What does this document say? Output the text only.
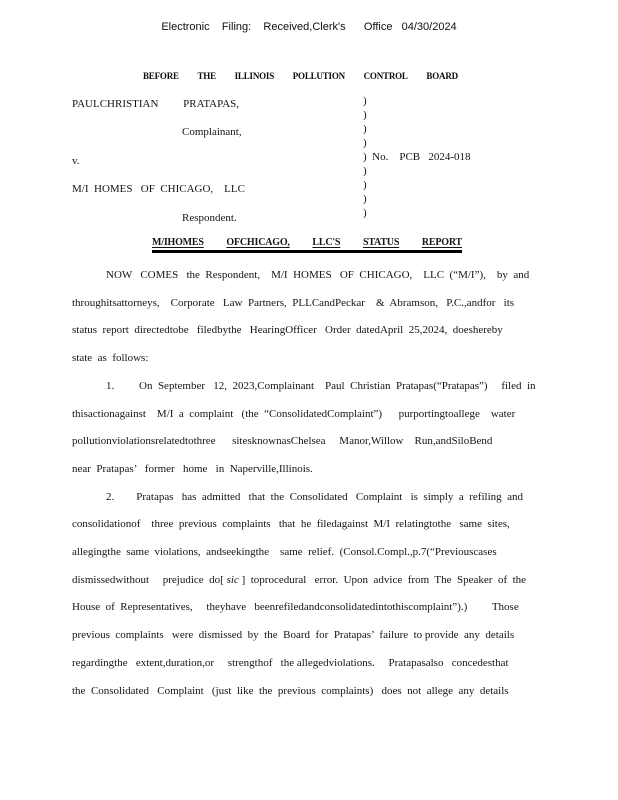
Electronic    Filing:    Received,Clerk's      Office   04/30/2024
BEFORE THE ILLINOIS POLLUTION CONTROL BOARD
PAULCHRISTIAN         PRATAPAS,
Complainant,
v.
M/I  HOMES   OF  CHICAGO,    LLC
Respondent.
)
)
)
)
)  No.    PCB   2024-018
)
)
)
)
M/IHOMES OFCHICAGO, LLC'S STATUS REPORT
NOW   COMES   the  Respondent,    M/I  HOMES   OF  CHICAGO,    LLC  (“M/I”),    by  and
throughitsattorneys,    Corporate   Law  Partners,  PLLCandPeckar    &  Abramson,   P.C.,andfor   its
status  report  directedtobe   filedbythe   HearingOfficer   Order  datedApril  25,2024,  doeshereby
state  as  follows:
1.         On  September   12,  2023,Complainant    Paul  Christian  Pratapas(“Pratapas”)     filed  in
thisactionagainst    M/I  a  complaint   (the  “ConsolidatedComplaint”)      purportingtoallege    water
pollutionviolationsrelatedtothree      sitesknownasChelsea     Manor,Willow    Run,andSiloBend
near  Pratapas’   former   home   in  Naperville,Illinois.
2.        Pratapas   has  admitted   that  the  Consolidated   Complaint   is  simply  a  refiling  and
consolidationof    three  previous  complaints   that  he  filedagainst  M/I  relatingtothe   same  sites,
allegingthe  same  violations,  andseekingthe    same  relief.  (Consol.Compl.,p.7(“Previouscases
dismissedwithout     prejudice  do[ sic ]  toprocedural   error.  Upon  advice  from  The  Speaker  of  the
House  of  Representatives,     theyhave   beenrefiledandconsolidatedintothiscomplaint”).)         Those
previous  complaints   were  dismissed  by  the  Board  for  Pratapas’  failure  to provide  any  details
regardingthe   extent,duration,or     strengthof   the allegedviolations.     Pratapasalso   concedesthat
the  Consolidated   Complaint   (just  like  the  previous  complaints)   does  not  allege  any  details
